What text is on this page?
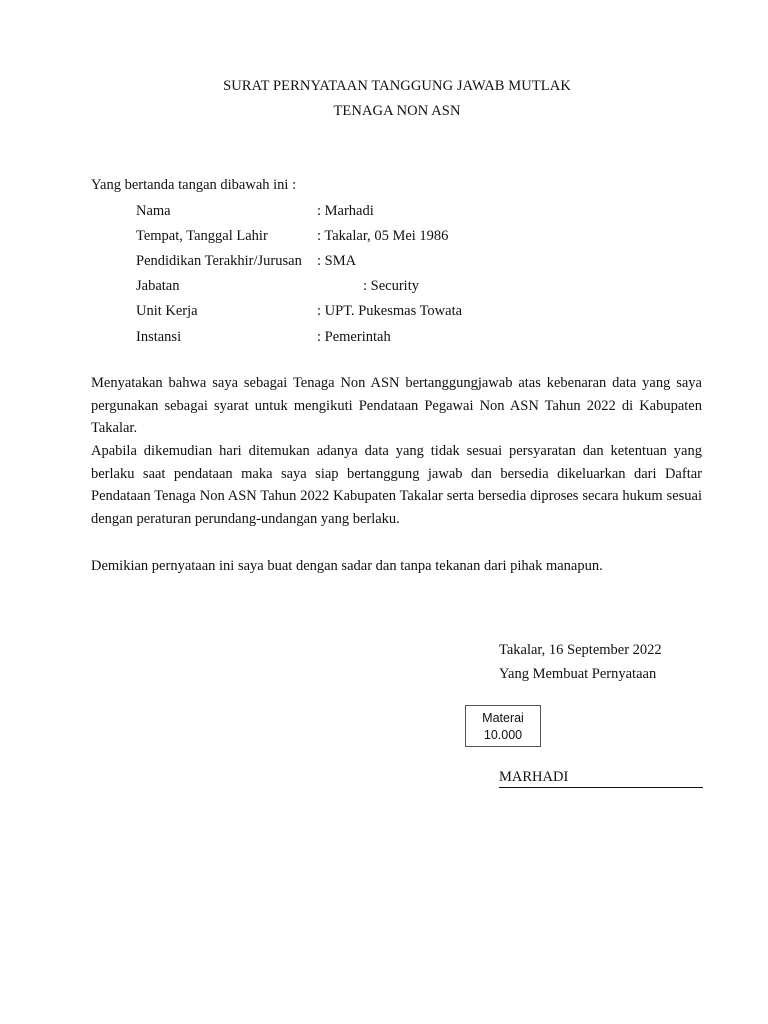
SURAT PERNYATAAN TANGGUNG JAWAB MUTLAK
TENAGA NON ASN
Yang bertanda tangan dibawah ini :
Nama	: Marhadi
Tempat, Tanggal Lahir	: Takalar, 05 Mei 1986
Pendidikan Terakhir/Jurusan : SMA
Jabatan	: Security
Unit Kerja	: UPT. Pukesmas Towata
Instansi	: Pemerintah

Menyatakan bahwa saya sebagai Tenaga Non ASN bertanggungjawab atas kebenaran data yang saya pergunakan sebagai syarat untuk mengikuti Pendataan Pegawai Non ASN Tahun 2022 di Kabupaten Takalar.

Apabila dikemudian hari ditemukan adanya data yang tidak sesuai persyaratan dan ketentuan yang berlaku saat pendataan maka saya siap bertanggung jawab dan bersedia dikeluarkan dari Daftar Pendataan Tenaga Non ASN Tahun 2022 Kabupaten Takalar serta bersedia diproses secara hukum sesuai dengan peraturan perundang-undangan yang berlaku.

Demikian pernyataan ini saya buat dengan sadar dan tanpa tekanan dari pihak manapun.

Takalar, 16 September 2022
Yang Membuat Pernyataan
Materai
10.000
MARHADI
